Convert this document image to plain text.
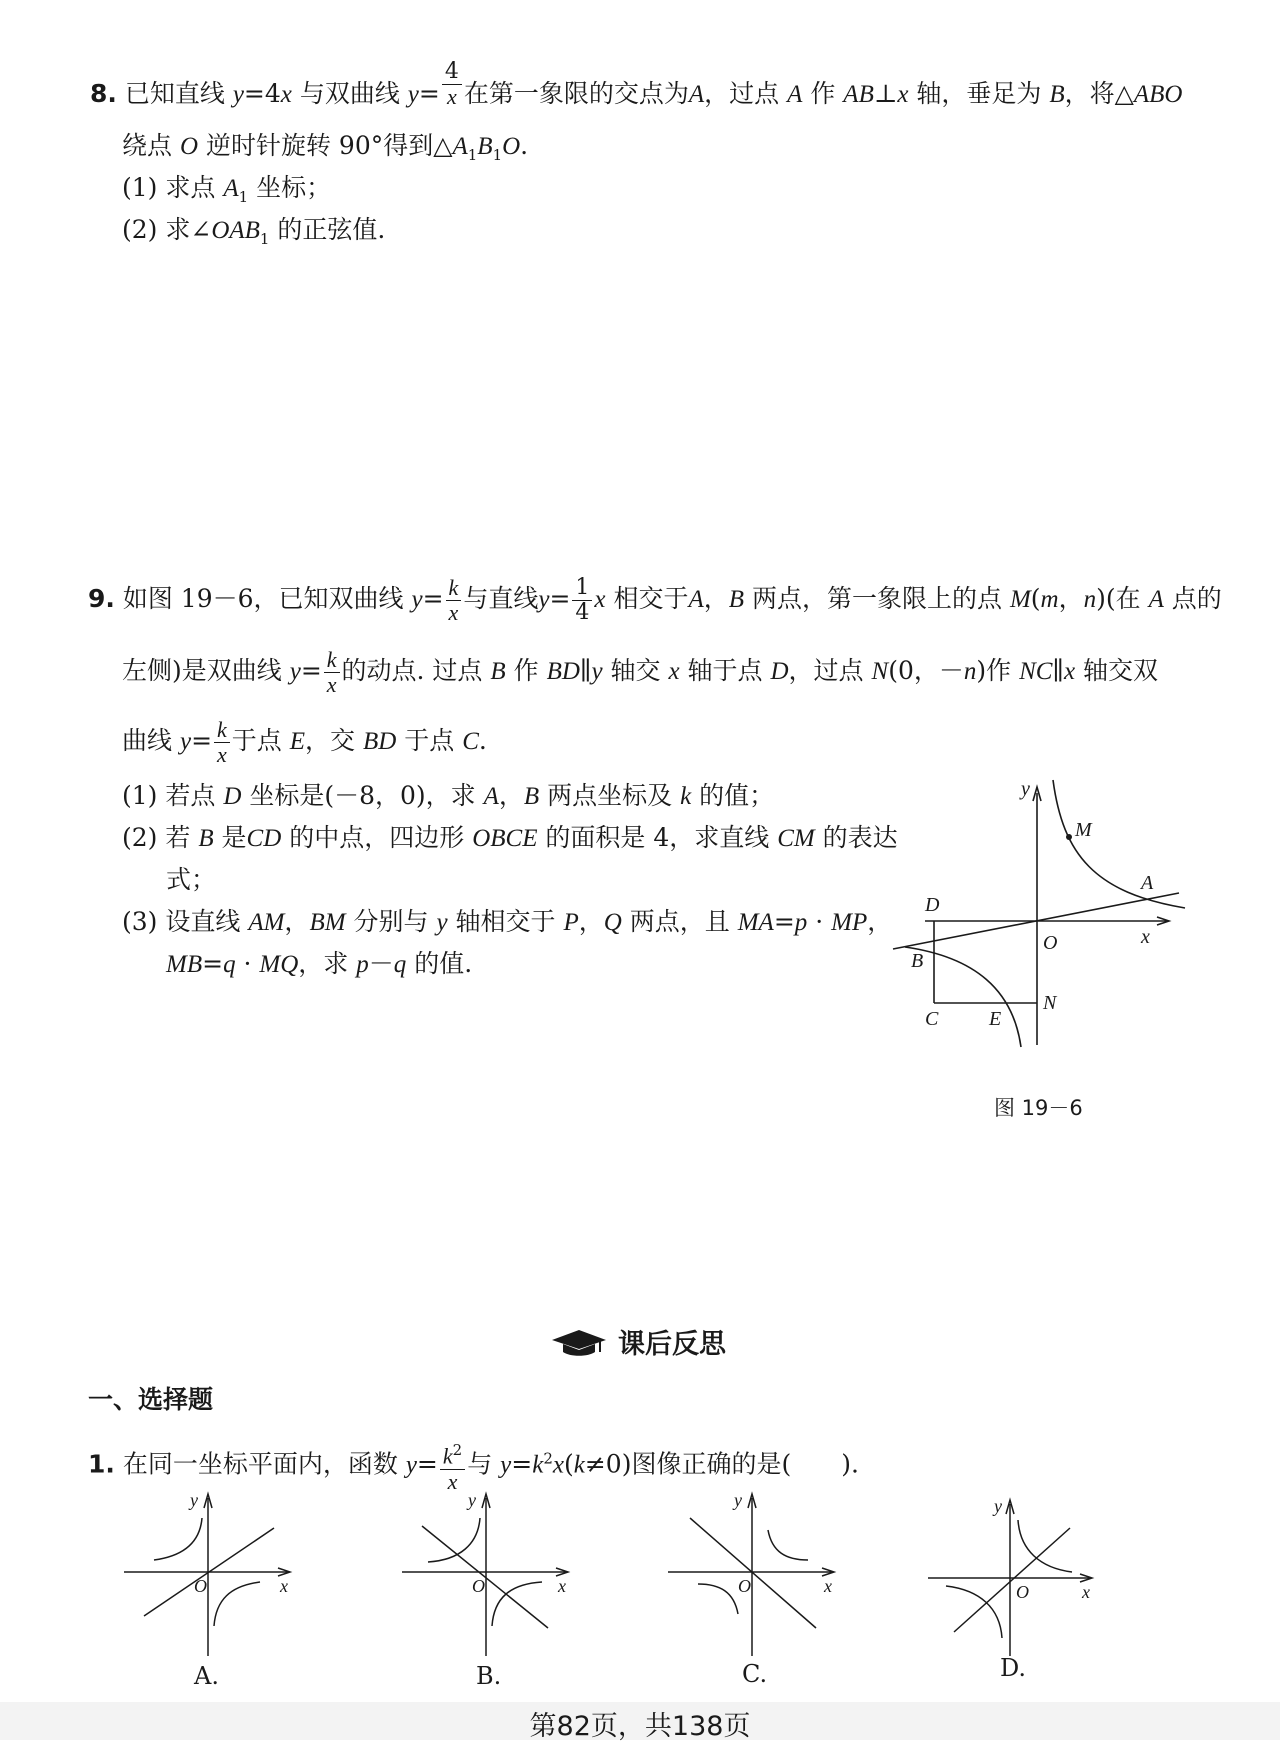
8. 已知直线 y=4x 与双曲线 $y= \frac{4}{x}$ 在第一象限的交点为A，过点 A 作 AB⊥x 轴，垂足为 B，将△ABO
绕点 O 逆时针旋转 90°得到$\triangle A_1B_1O$.
(1) 求点 $A_1$ 坐标；
(2) 求$\angle OAB_1$ 的正弦值.
9. 如图 19－6，已知双曲线 $y= \frac{k}{x}$ 与直线$y= \frac{1}{4}$ x 相交于A，B 两点，第一象限上的点 M(m，n)(在 A 点的
左侧)是双曲线 $y= \frac{k}{x}$ 的动点. 过点 B 作 BD∥y 轴交 x 轴于点 D，过点 N(0，－n)作 NC∥x 轴交双
曲线 $y= \frac{k}{x}$ 于点 E，交 BD 于点 C.
(1) 若点 D 坐标是(－8，0)，求 A，B 两点坐标及 k 的值；
(2) 若 B 是CD 的中点，四边形 OBCE 的面积是 4，求直线 CM 的表达
式；
(3) 设直线 AM，BM 分别与 y 轴相交于 P，Q 两点，且 MA=p · MP，
MB=q · MQ，求 p－q 的值.
M
A
y
x
O
D
B
C	E
N
图 19－6
课后反思
一、选择题
1. 在同一坐标平面内，函数 $y= \frac{k^2}{x}$ 与 $y=k^2x(k\ne 0)$图像正确的是(　　).
y
x
O
A.
y
x
O
B.
y
x
O
C.
y
x
O
D.
第82页，共138页
